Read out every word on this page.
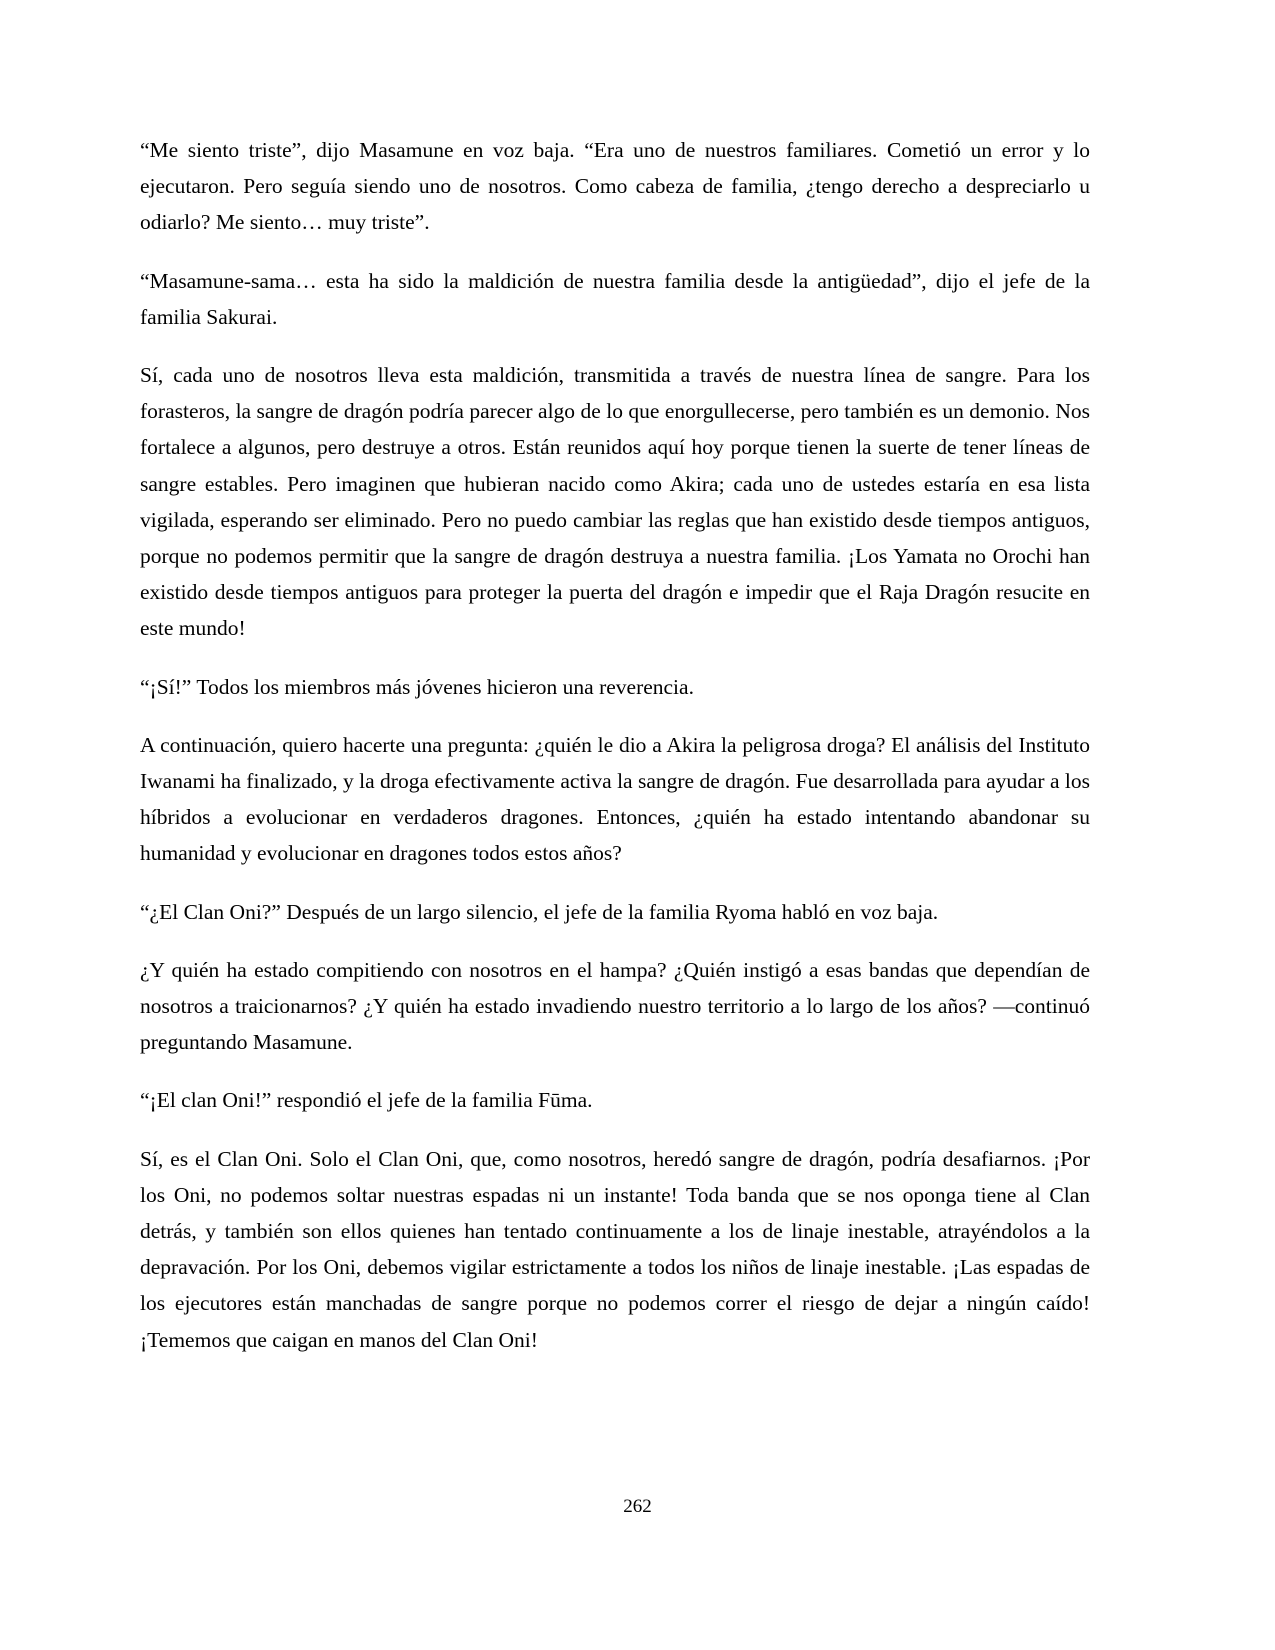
“Me siento triste”, dijo Masamune en voz baja. “Era uno de nuestros familiares. Cometió un error y lo ejecutaron. Pero seguía siendo uno de nosotros. Como cabeza de familia, ¿tengo derecho a despreciarlo u odiarlo? Me siento… muy triste”.

“Masamune-sama… esta ha sido la maldición de nuestra familia desde la antigüedad”, dijo el jefe de la familia Sakurai.

Sí, cada uno de nosotros lleva esta maldición, transmitida a través de nuestra línea de sangre. Para los forasteros, la sangre de dragón podría parecer algo de lo que enorgullecerse, pero también es un demonio. Nos fortalece a algunos, pero destruye a otros. Están reunidos aquí hoy porque tienen la suerte de tener líneas de sangre estables. Pero imaginen que hubieran nacido como Akira; cada uno de ustedes estaría en esa lista vigilada, esperando ser eliminado. Pero no puedo cambiar las reglas que han existido desde tiempos antiguos, porque no podemos permitir que la sangre de dragón destruya a nuestra familia. ¡Los Yamata no Orochi han existido desde tiempos antiguos para proteger la puerta del dragón e impedir que el Raja Dragón resucite en este mundo!

“¡Sí!” Todos los miembros más jóvenes hicieron una reverencia.

A continuación, quiero hacerte una pregunta: ¿quién le dio a Akira la peligrosa droga? El análisis del Instituto Iwanami ha finalizado, y la droga efectivamente activa la sangre de dragón. Fue desarrollada para ayudar a los híbridos a evolucionar en verdaderos dragones. Entonces, ¿quién ha estado intentando abandonar su humanidad y evolucionar en dragones todos estos años?

“¿El Clan Oni?” Después de un largo silencio, el jefe de la familia Ryoma habló en voz baja.

¿Y quién ha estado compitiendo con nosotros en el hampa? ¿Quién instigó a esas bandas que dependían de nosotros a traicionarnos? ¿Y quién ha estado invadiendo nuestro territorio a lo largo de los años? —continuó preguntando Masamune.

“¡El clan Oni!” respondió el jefe de la familia Fūma.

Sí, es el Clan Oni. Solo el Clan Oni, que, como nosotros, heredó sangre de dragón, podría desafiarnos. ¡Por los Oni, no podemos soltar nuestras espadas ni un instante! Toda banda que se nos oponga tiene al Clan detrás, y también son ellos quienes han tentado continuamente a los de linaje inestable, atrayéndolos a la depravación. Por los Oni, debemos vigilar estrictamente a todos los niños de linaje inestable. ¡Las espadas de los ejecutores están manchadas de sangre porque no podemos correr el riesgo de dejar a ningún caído! ¡Tememos que caigan en manos del Clan Oni!

262
